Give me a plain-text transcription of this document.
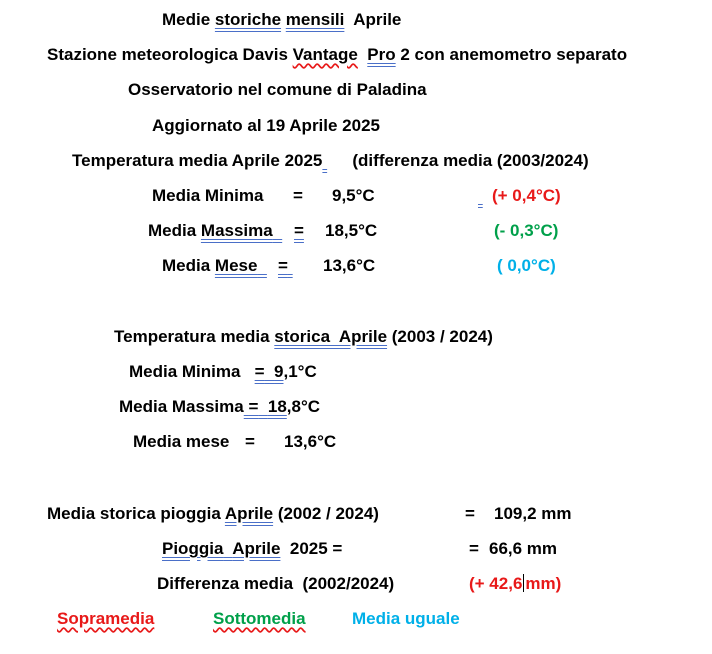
Medie storiche mensili  Aprile
Stazione meteorologica Davis Vantage Pro 2 con anemometro separato
Osservatorio nel comune di Paladina
Aggiornato al 19 Aprile 2025
Temperatura media Aprile 2025 (differenza media (2003/2024)
Media Minima = 9,5°C	(+ 0,4°C)
Media Massima	= 18,5°C	(- 0,3°C)
Media Mese	= 13,6°C	( 0,0°C)
Temperatura media storica  Aprile (2003 / 2024)
Media Minima = 9,1°C
Media Massima = 18,8°C
Media mese = 13,6°C
Media storica pioggia Aprile (2002 / 2024)	= 109,2 mm
Pioggia Aprile  2025 =	= 66,6 mm
Differenza media  (2002/2024)	(+ 42,6 mm)
Sopramedia	Sottomedia	Media uguale
